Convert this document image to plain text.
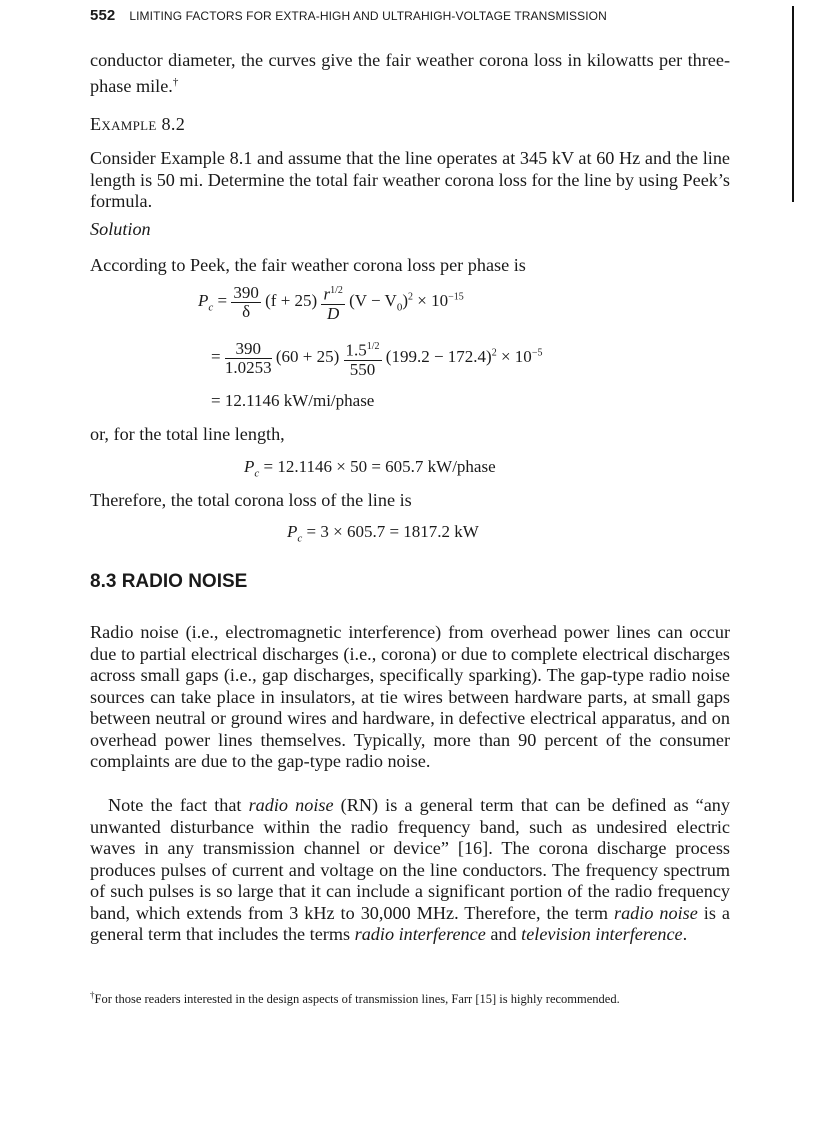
552 LIMITING FACTORS FOR EXTRA-HIGH AND ULTRAHIGH-VOLTAGE TRANSMISSION
conductor diameter, the curves give the fair weather corona loss in kilowatts per three-phase mile.†
Example 8.2
Consider Example 8.1 and assume that the line operates at 345 kV at 60 Hz and the line length is 50 mi. Determine the total fair weather corona loss for the line by using Peek’s formula.
Solution
According to Peek, the fair weather corona loss per phase is
$P_c = \frac{390}{\delta} (f + 25) \frac{r^{1/2}}{D} (V - V_0)^2 \times 10^{-15}$
= $\frac{390}{1.0253} (60 + 25) \frac{1.5^{1/2}}{550} (199.2 - 172.4)^2 \times 10^{-5}$
= 12.1146 kW/mi/phase
or, for the total line length,
$P_c = 12.1146 \times 50 = 605.7$ kW/phase
Therefore, the total corona loss of the line is
$P_c = 3 \times 605.7 = 1817.2$ kW
8.3 RADIO NOISE
Radio noise (i.e., electromagnetic interference) from overhead power lines can occur due to partial electrical discharges (i.e., corona) or due to complete electrical discharges across small gaps (i.e., gap discharges, specifically sparking). The gap-type radio noise sources can take place in insulators, at tie wires between hardware parts, at small gaps between neutral or ground wires and hardware, in defective electrical apparatus, and on overhead power lines themselves. Typically, more than 90 percent of the consumer complaints are due to the gap-type radio noise.
Note the fact that radio noise (RN) is a general term that can be defined as “any unwanted disturbance within the radio frequency band, such as undesired electric waves in any transmission channel or device” [16]. The corona discharge process produces pulses of current and voltage on the line conductors. The frequency spectrum of such pulses is so large that it can include a significant portion of the radio frequency band, which extends from 3 kHz to 30,000 MHz. Therefore, the term radio noise is a general term that includes the terms radio interference and television interference.
†For those readers interested in the design aspects of transmission lines, Farr [15] is highly recommended.
